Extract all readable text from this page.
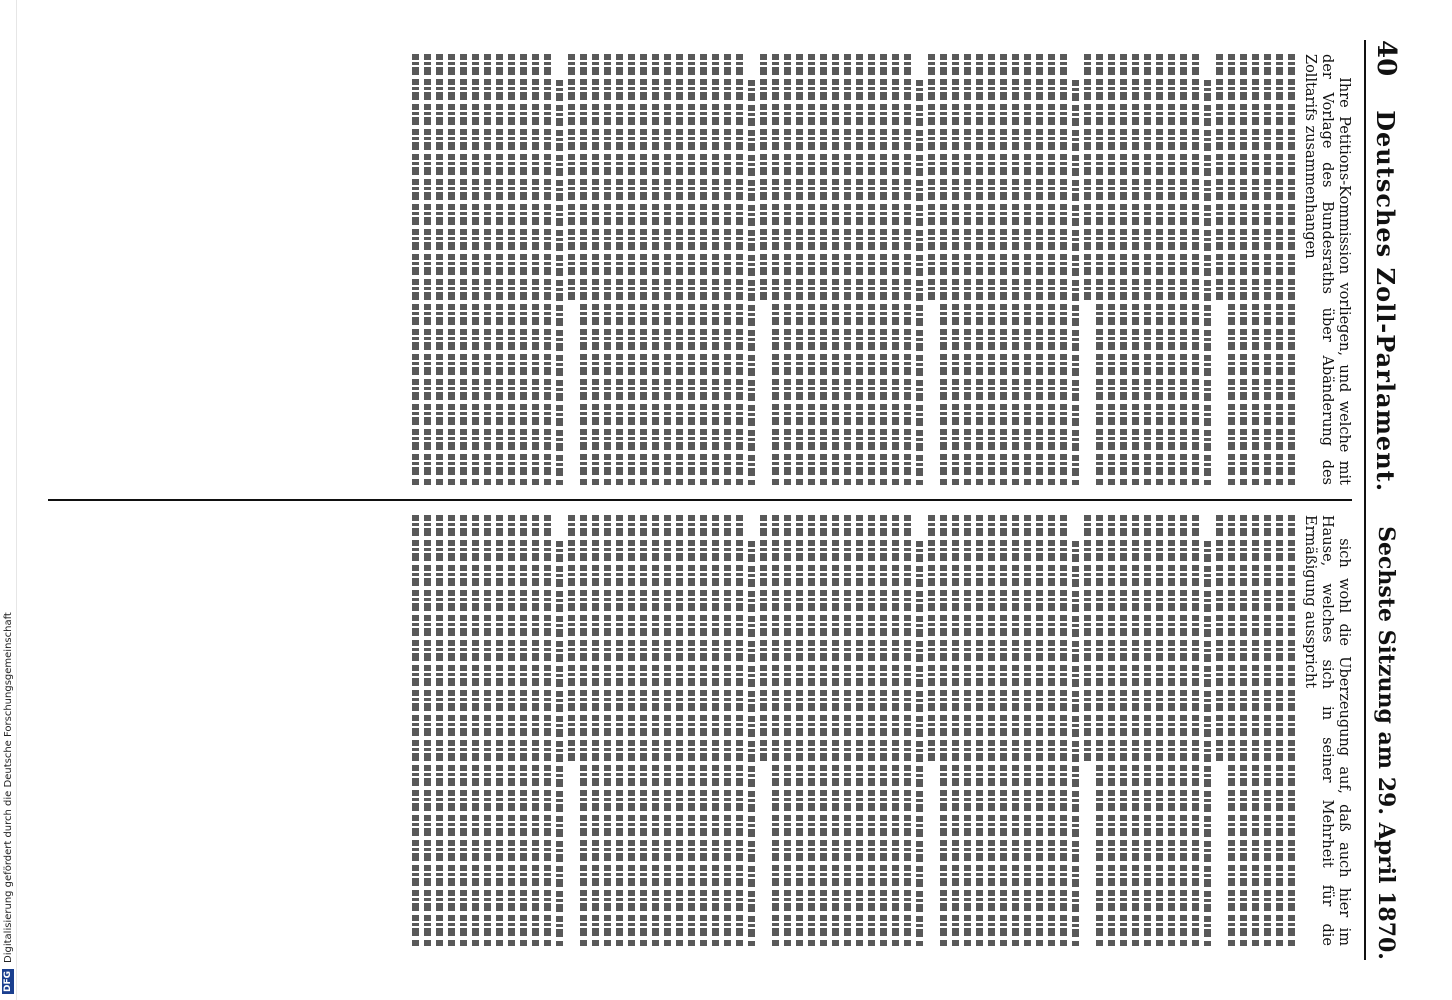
DFG
Digitalisierung gefördert durch die Deutsche Forschungsgemeinschaft
40
Deutsches Zoll-Parlament.
Sechste Sitzung am 29. April 1870.

Ihre Petitions-Kommission vorliegen, und welche mit der Vorlage des Bundesraths über Abänderung des Zolltarifs zusammenhangen

sich wohl die Überzeugung auf, daß auch hier im Hause, welches sich in seiner Mehrheit für die Ermäßigung ausspricht
